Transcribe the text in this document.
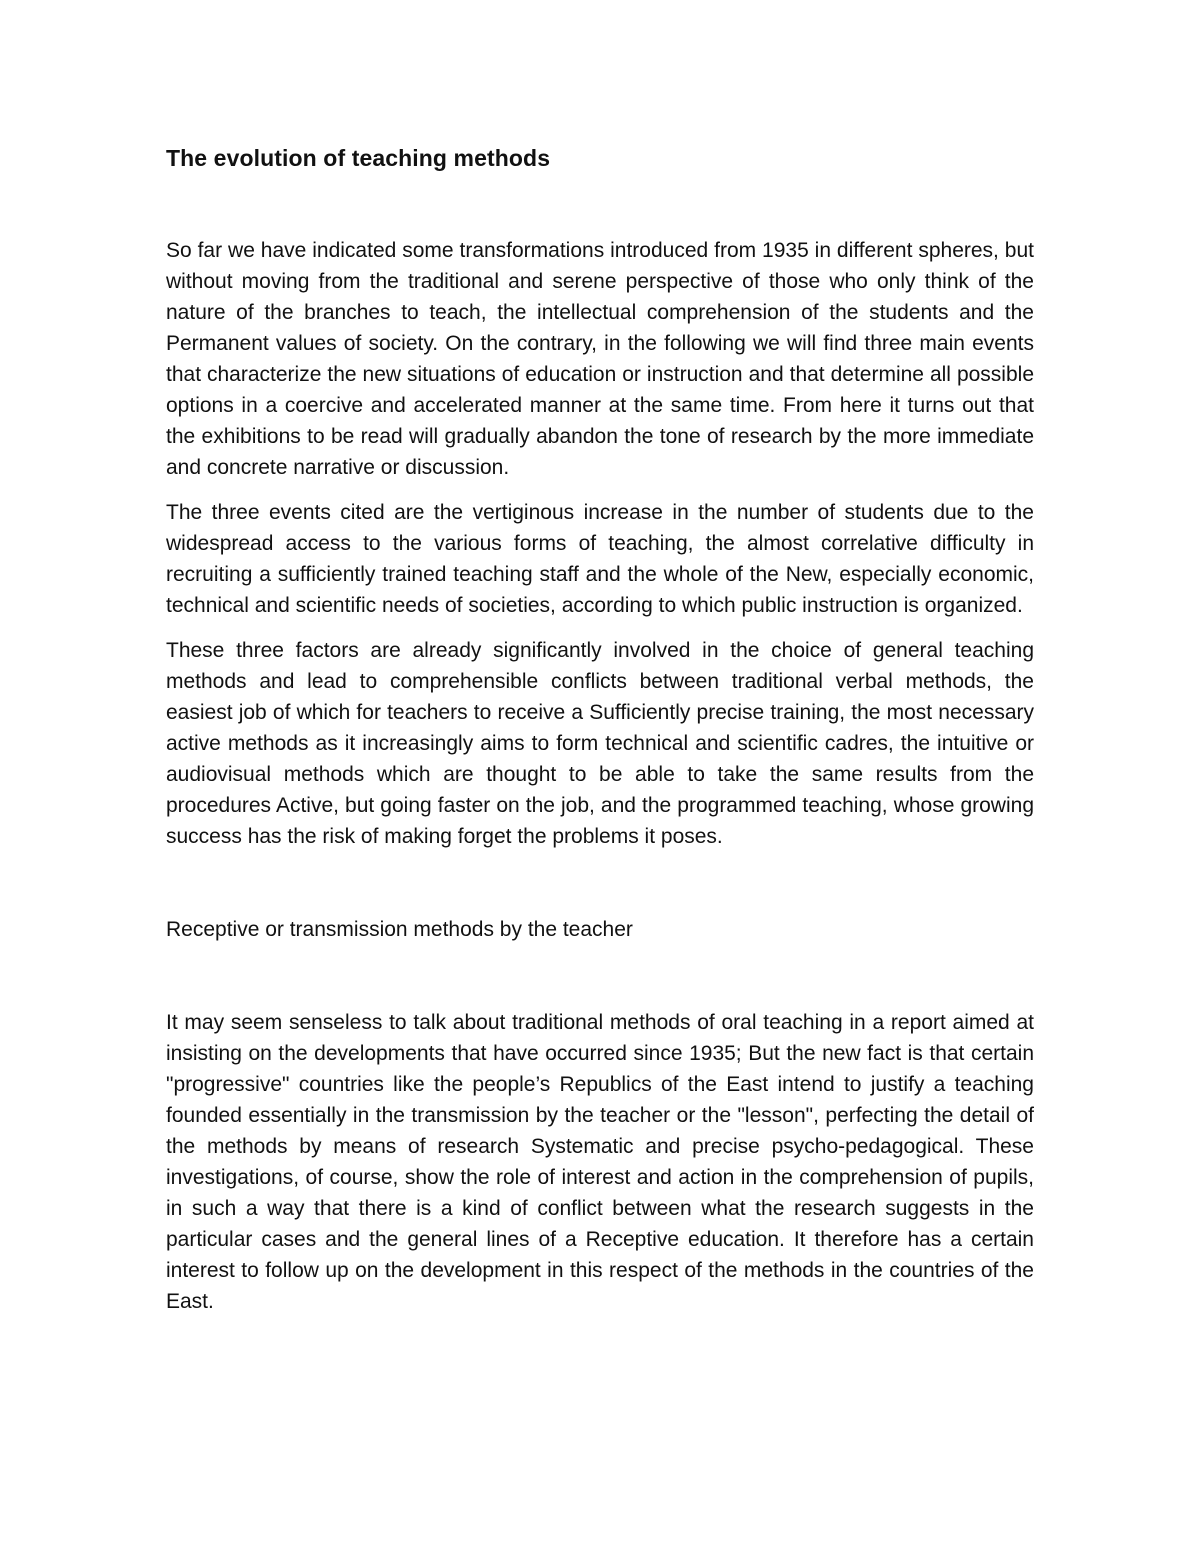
The evolution of teaching methods

So far we have indicated some transformations introduced from 1935 in different spheres, but without moving from the traditional and serene perspective of those who only think of the nature of the branches to teach, the intellectual comprehension of the students and the Permanent values of society. On the contrary, in the following we will find three main events that characterize the new situations of education or instruction and that determine all possible options in a coercive and accelerated manner at the same time. From here it turns out that the exhibitions to be read will gradually abandon the tone of research by the more immediate and concrete narrative or discussion.

The three events cited are the vertiginous increase in the number of students due to the widespread access to the various forms of teaching, the almost correlative difficulty in recruiting a sufficiently trained teaching staff and the whole of the New, especially economic, technical and scientific needs of societies, according to which public instruction is organized.

These three factors are already significantly involved in the choice of general teaching methods and lead to comprehensible conflicts between traditional verbal methods, the easiest job of which for teachers to receive a Sufficiently precise training, the most necessary active methods as it increasingly aims to form technical and scientific cadres, the intuitive or audiovisual methods which are thought to be able to take the same results from the procedures Active, but going faster on the job, and the programmed teaching, whose growing success has the risk of making forget the problems it poses.

Receptive or transmission methods by the teacher

It may seem senseless to talk about traditional methods of oral teaching in a report aimed at insisting on the developments that have occurred since 1935; But the new fact is that certain "progressive" countries like the people’s Republics of the East intend to justify a teaching founded essentially in the transmission by the teacher or the "lesson", perfecting the detail of the methods by means of research Systematic and precise psycho-pedagogical. These investigations, of course, show the role of interest and action in the comprehension of pupils, in such a way that there is a kind of conflict between what the research suggests in the particular cases and the general lines of a Receptive education. It therefore has a certain interest to follow up on the development in this respect of the methods in the countries of the East.
